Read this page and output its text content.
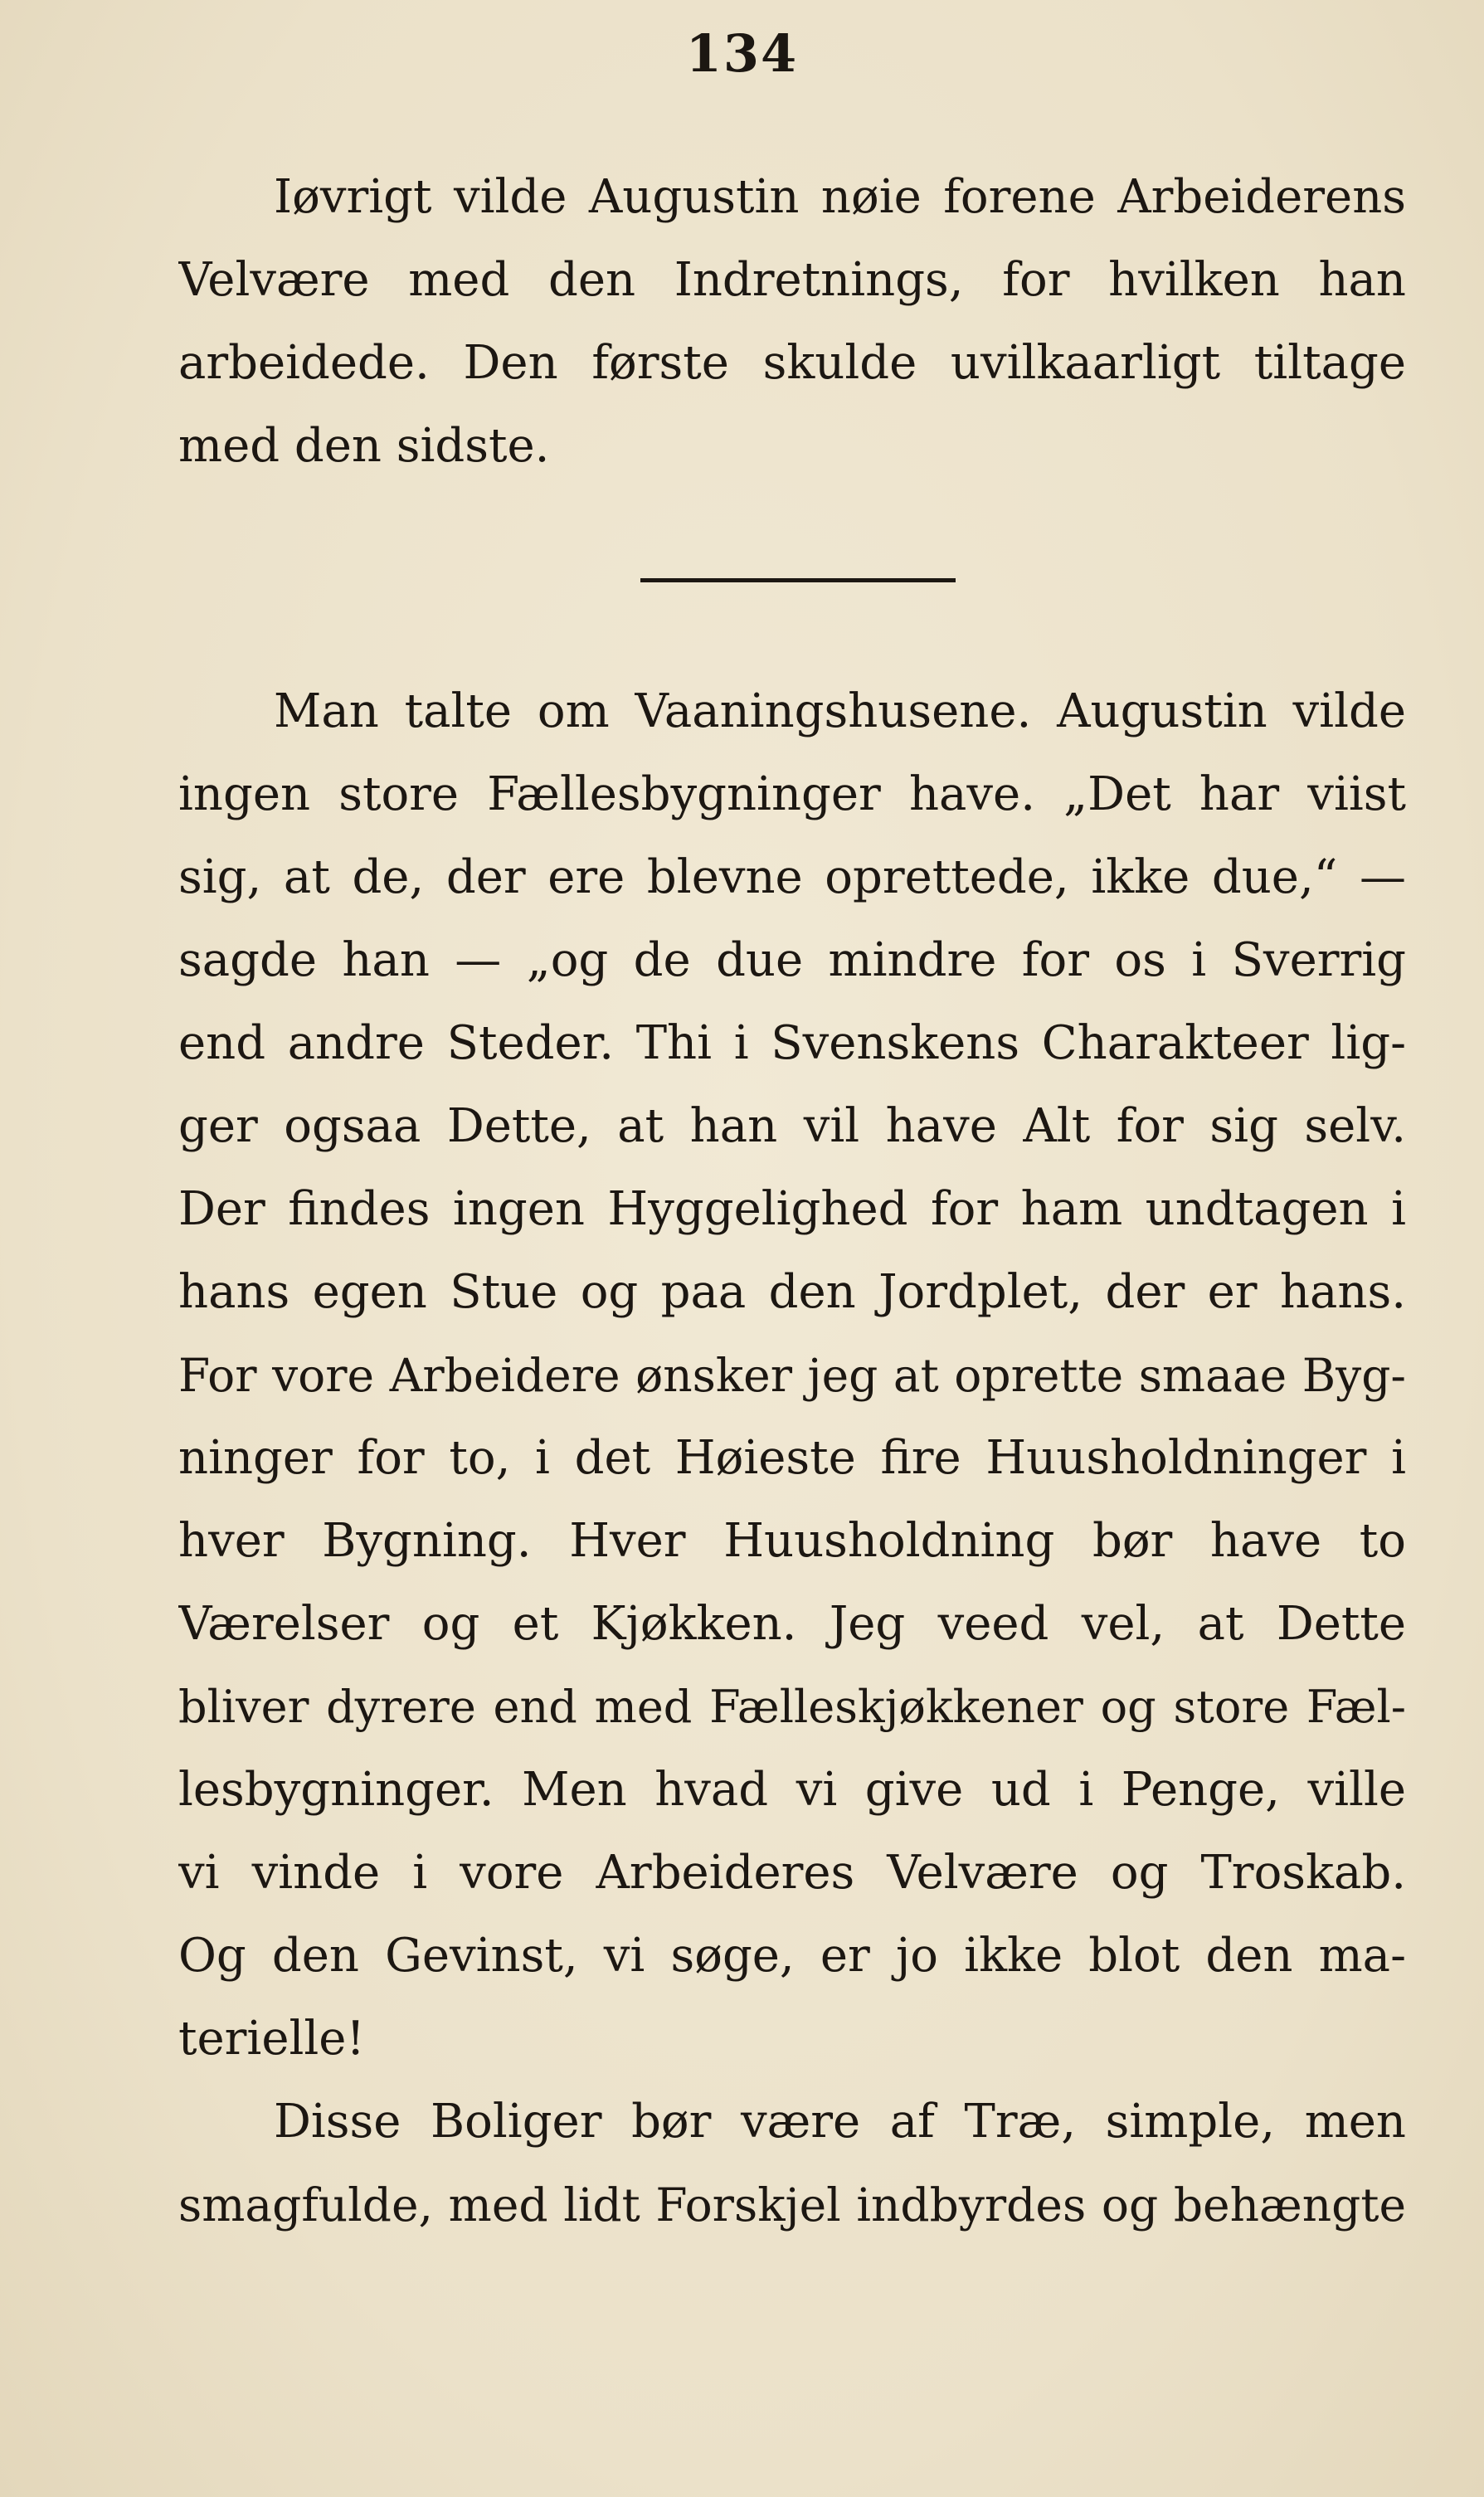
134
Iøvrigt vilde Augustin nøie forene Arbeiderens
Velvære med den Indretnings, for hvilken han
arbeidede. Den første skulde uvilkaarligt tiltage
med den sidste.
Man talte om Vaaningshusene. Augustin vilde
ingen store Fællesbygninger have. „Det har viist
sig, at de, der ere blevne oprettede, ikke due,“ —
sagde han — „og de due mindre for os i Sverrig
end andre Steder. Thi i Svenskens Charakteer lig-
ger ogsaa Dette, at han vil have Alt for sig selv.
Der findes ingen Hyggelighed for ham undtagen i
hans egen Stue og paa den Jordplet, der er hans.
For vore Arbeidere ønsker jeg at oprette smaae Byg-
ninger for to, i det Høieste fire Huusholdninger i
hver Bygning. Hver Huusholdning bør have to
Værelser og et Kjøkken. Jeg veed vel, at Dette
bliver dyrere end med Fælleskjøkkener og store Fæl-
lesbygninger. Men hvad vi give ud i Penge, ville
vi vinde i vore Arbeideres Velvære og Troskab.
Og den Gevinst, vi søge, er jo ikke blot den ma-
terielle!
Disse Boliger bør være af Træ, simple, men
smagfulde, med lidt Forskjel indbyrdes og behængte
